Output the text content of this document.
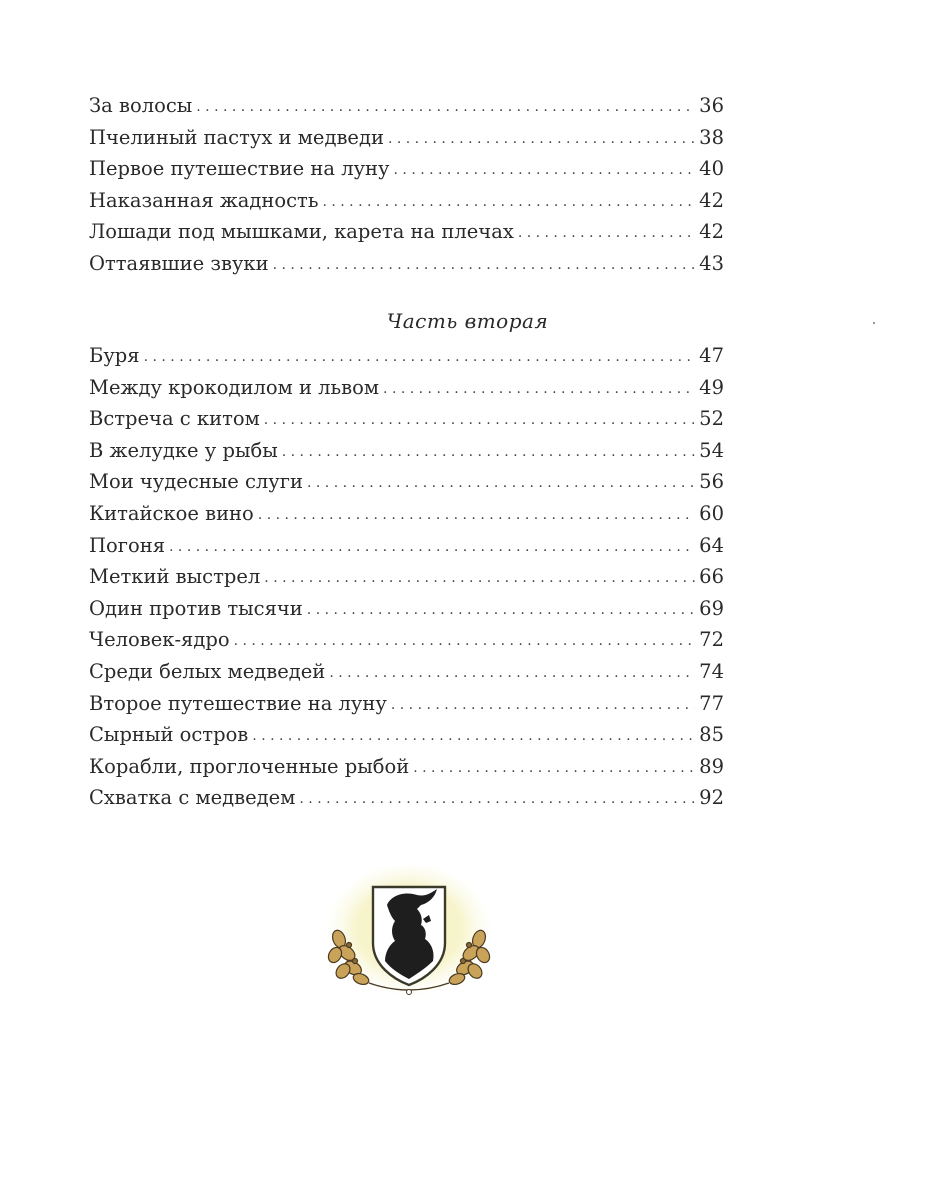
За волосы . . .	36
Пчелиный пастух и медведи . . .	38
Первое путешествие на луну . . .	40
Наказанная жадность . . .	42
Лошади под мышками, карета на плечах . . .	42
Оттаявшие звуки . . .	43
Часть вторая
Буря . . .	47
Между крокодилом и львом . . .	49
Встреча с китом . . .	52
В желудке у рыбы . . .	54
Мои чудесные слуги . . .	56
Китайское вино . . .	60
Погоня . . .	64
Меткий выстрел . . .	66
Один против тысячи . . .	69
Человек-ядро . . .	72
Среди белых медведей . . .	74
Второе путешествие на луну . . .	77
Сырный остров . . .	85
Корабли, проглоченные рыбой . . .	89
Схватка с медведем . . .	92
